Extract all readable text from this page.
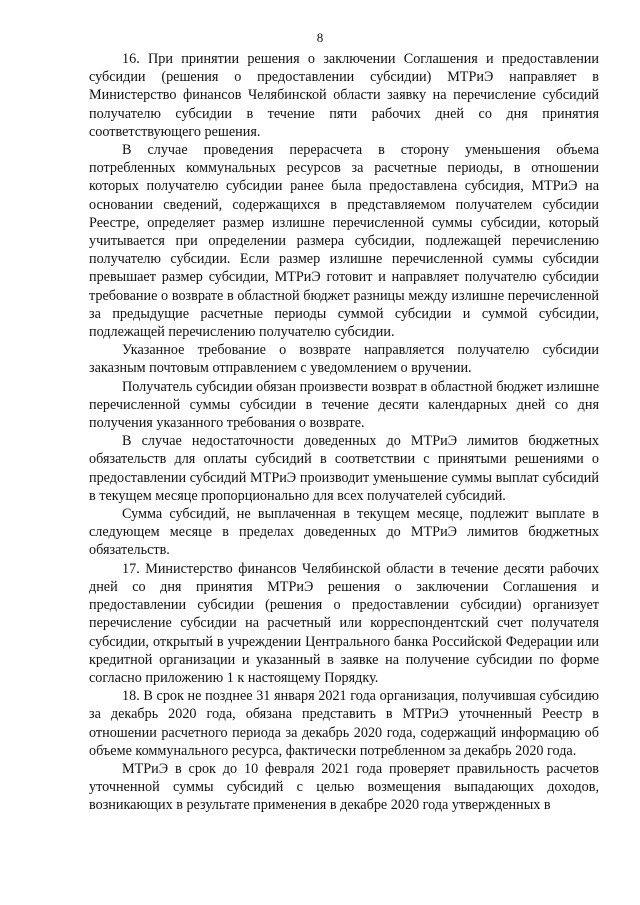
8

16. При принятии решения о заключении Соглашения и предоставлении субсидии (решения о предоставлении субсидии) МТРиЭ направляет в Министерство финансов Челябинской области заявку на перечисление субсидий получателю субсидии в течение пяти рабочих дней со дня принятия соответствующего решения.

В случае проведения перерасчета в сторону уменьшения объема потребленных коммунальных ресурсов за расчетные периоды, в отношении которых получателю субсидии ранее была предоставлена субсидия, МТРиЭ на основании сведений, содержащихся в представляемом получателем субсидии Реестре, определяет размер излишне перечисленной суммы субсидии, который учитывается при определении размера субсидии, подлежащей перечислению получателю субсидии. Если размер излишне перечисленной суммы субсидии превышает размер субсидии, МТРиЭ готовит и направляет получателю субсидии требование о возврате в областной бюджет разницы между излишне перечисленной за предыдущие расчетные периоды суммой субсидии и суммой субсидии, подлежащей перечислению получателю субсидии.

Указанное требование о возврате направляется получателю субсидии заказным почтовым отправлением с уведомлением о вручении.

Получатель субсидии обязан произвести возврат в областной бюджет излишне перечисленной суммы субсидии в течение десяти календарных дней со дня получения указанного требования о возврате.

В случае недостаточности доведенных до МТРиЭ лимитов бюджетных обязательств для оплаты субсидий в соответствии с принятыми решениями о предоставлении субсидий МТРиЭ производит уменьшение суммы выплат субсидий в текущем месяце пропорционально для всех получателей субсидий.

Сумма субсидий, не выплаченная в текущем месяце, подлежит выплате в следующем месяце в пределах доведенных до МТРиЭ лимитов бюджетных обязательств.

17. Министерство финансов Челябинской области в течение десяти рабочих дней со дня принятия МТРиЭ решения о заключении Соглашения и предоставлении субсидии (решения о предоставлении субсидии) организует перечисление субсидии на расчетный или корреспондентский счет получателя субсидии, открытый в учреждении Центрального банка Российской Федерации или кредитной организации и указанный в заявке на получение субсидии по форме согласно приложению 1 к настоящему Порядку.

18. В срок не позднее 31 января 2021 года организация, получившая субсидию за декабрь 2020 года, обязана представить в МТРиЭ уточненный Реестр в отношении расчетного периода за декабрь 2020 года, содержащий информацию об объеме коммунального ресурса, фактически потребленном за декабрь 2020 года.

МТРиЭ в срок до 10 февраля 2021 года проверяет правильность расчетов уточненной суммы субсидий с целью возмещения выпадающих доходов, возникающих в результате применения в декабре 2020 года утвержденных в
